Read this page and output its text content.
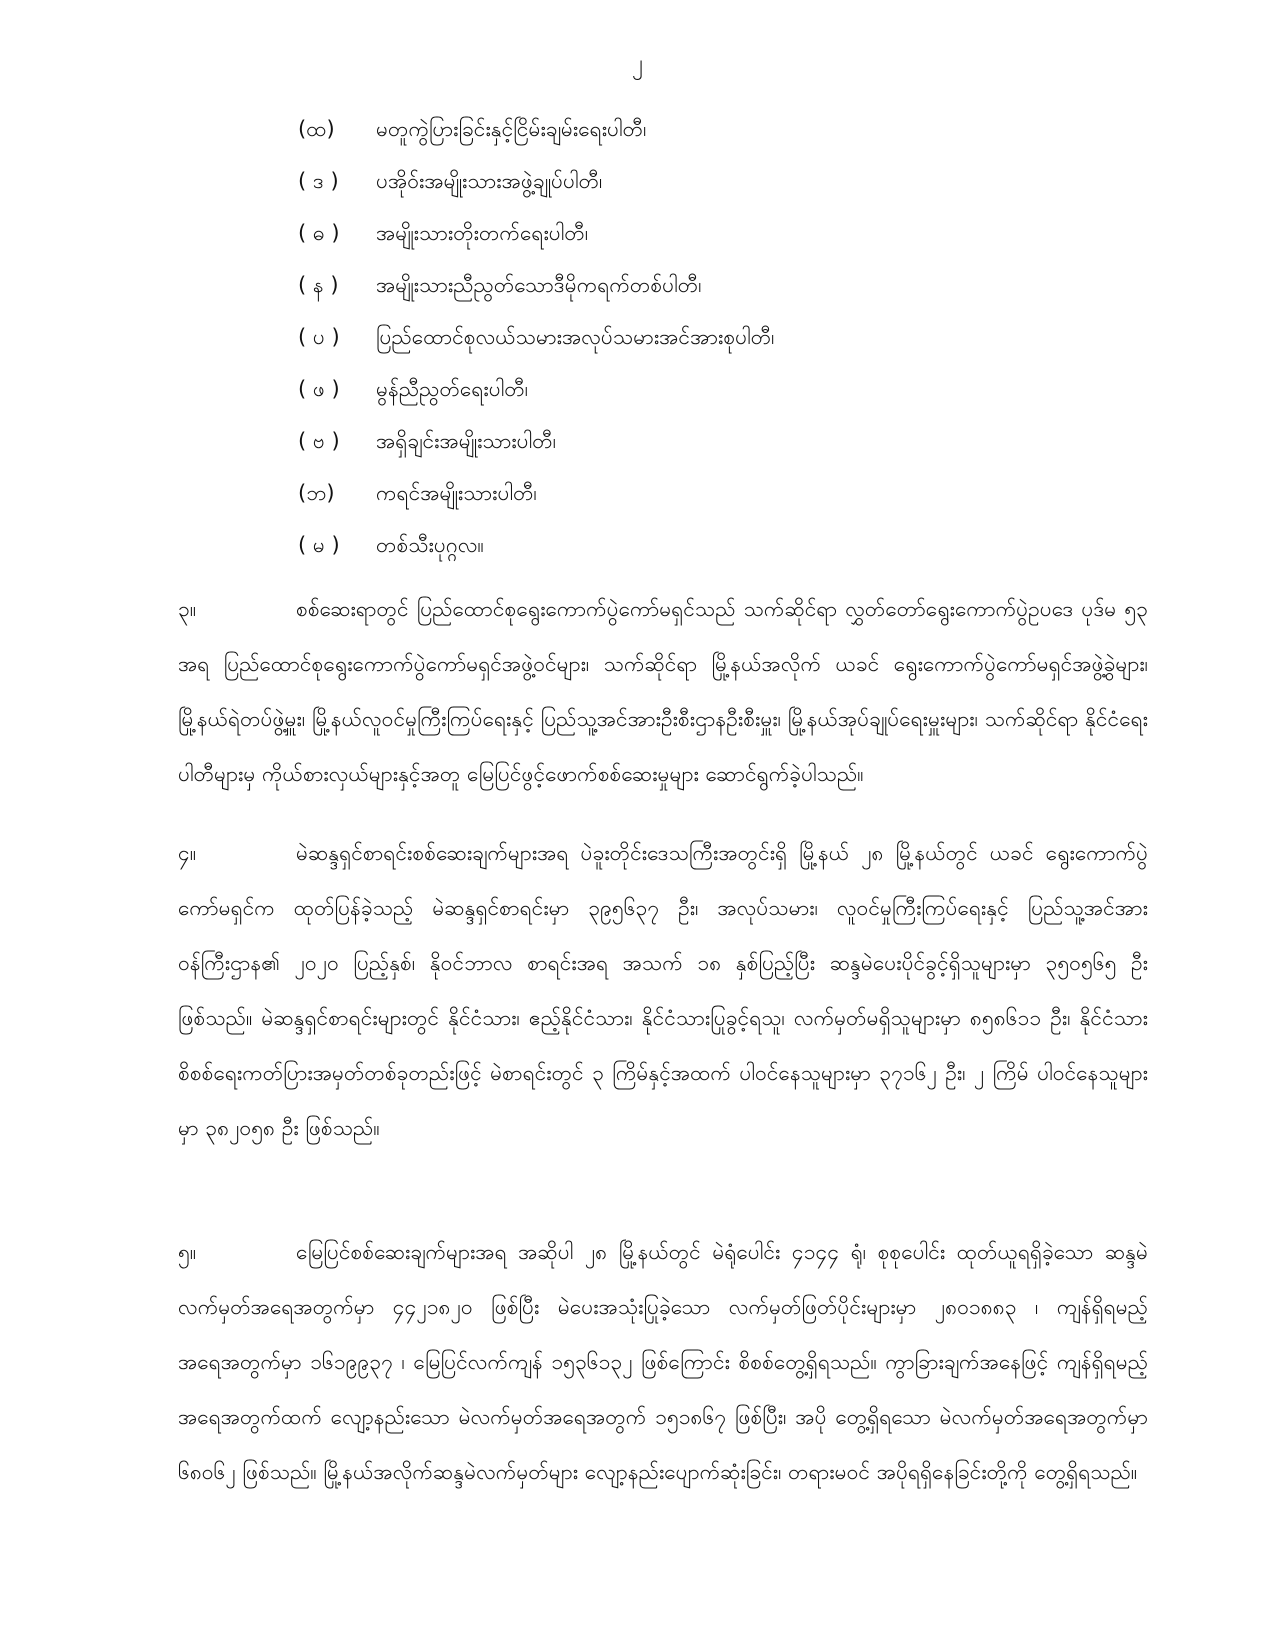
၂
(ထ)	မတူကွဲပြားခြင်းနှင့်ငြိမ်းချမ်းရေးပါတီ၊
( ဒ )	ပအိုဝ်းအမျိုးသားအဖွဲ့ချုပ်ပါတီ၊
( ဓ )	အမျိုးသားတိုးတက်ရေးပါတီ၊
( န )	အမျိုးသားညီညွတ်သောဒီမိုကရက်တစ်ပါတီ၊
( ပ )	ပြည်ထောင်စုလယ်သမားအလုပ်သမားအင်အားစုပါတီ၊
( ဖ )	မွန်ညီညွတ်ရေးပါတီ၊
( ဗ )	အရှိချင်းအမျိုးသားပါတီ၊
(ဘ)	ကရင်အမျိုးသားပါတီ၊
( မ )	တစ်သီးပုဂ္ဂလ။
၃။	စစ်ဆေးရာတွင် ပြည်ထောင်စုရွေးကောက်ပွဲကော်မရှင်သည် သက်ဆိုင်ရာ လွှတ်တော်ရွေးကောက်ပွဲဥပဒေ ပုဒ်မ ၅၃ အရ ပြည်ထောင်စုရွေးကောက်ပွဲကော်မရှင်အဖွဲ့ဝင်များ၊ သက်ဆိုင်ရာ မြို့နယ်အလိုက် ယခင် ရွေးကောက်ပွဲကော်မရှင်အဖွဲ့ခွဲများ၊ မြို့နယ်ရဲတပ်ဖွဲ့မှူး၊ မြို့နယ်လူဝင်မှုကြီးကြပ်ရေးနှင့် ပြည်သူ့အင်အားဦးစီးဌာနဦးစီးမှူး၊ မြို့နယ်အုပ်ချုပ်ရေးမှူးများ၊ သက်ဆိုင်ရာ နိုင်ငံရေးပါတီများမှ ကိုယ်စားလှယ်များနှင့်အတူ မြေပြင်ဖွင့်ဖောက်စစ်ဆေးမှုများ ဆောင်ရွက်ခဲ့ပါသည်။
၄။	မဲဆန္ဒရှင်စာရင်းစစ်ဆေးချက်များအရ ပဲခူးတိုင်းဒေသကြီးအတွင်းရှိ မြို့နယ် ၂၈ မြို့နယ်တွင် ယခင် ရွေးကောက်ပွဲကော်မရှင်က ထုတ်ပြန်ခဲ့သည့် မဲဆန္ဒရှင်စာရင်းမှာ ၃၉၅၆၃၇ ဦး၊ အလုပ်သမား၊ လူဝင်မှုကြီးကြပ်ရေးနှင့် ပြည်သူ့အင်အားဝန်ကြီးဌာန၏ ၂၀၂၀ ပြည့်နှစ်၊ နိုဝင်ဘာလ စာရင်းအရ အသက် ၁၈ နှစ်ပြည့်ပြီး ဆန္ဒမဲပေးပိုင်ခွင့်ရှိသူများမှာ ၃၅၀၅၆၅ ဦး ဖြစ်သည်။ မဲဆန္ဒရှင်စာရင်းများတွင် နိုင်ငံသား၊ ဧည့်နိုင်ငံသား၊ နိုင်ငံသားပြုခွင့်ရသူ၊ လက်မှတ်မရှိသူများမှာ ၈၅၈၆၁၁ ဦး၊ နိုင်ငံသားစိစစ်ရေးကတ်ပြားအမှတ်တစ်ခုတည်းဖြင့် မဲစာရင်းတွင် ၃ ကြိမ်နှင့်အထက် ပါဝင်နေသူများမှာ ၃၇၁၆၂ ဦး၊ ၂ ကြိမ် ပါဝင်နေသူများမှာ ၃၈၂၀၅၈ ဦး ဖြစ်သည်။
၅။	မြေပြင်စစ်ဆေးချက်များအရ အဆိုပါ ၂၈ မြို့နယ်တွင် မဲရုံပေါင်း ၄၁၄၄ ရုံ၊ စုစုပေါင်း ထုတ်ယူရရှိခဲ့သော ဆန္ဒမဲလက်မှတ်အရေအတွက်မှာ ၄၄၂၁၈၂၀ ဖြစ်ပြီး မဲပေးအသုံးပြုခဲ့သော လက်မှတ်ဖြတ်ပိုင်းများမှာ ၂၈၀၁၈၈၃ ၊ ကျန်ရှိရမည့်အရေအတွက်မှာ ၁၆၁၉၉၃၇ ၊ မြေပြင်လက်ကျန် ၁၅၃၆၁၃၂ ဖြစ်ကြောင်း စိစစ်တွေ့ရှိရသည်။ ကွာခြားချက်အနေဖြင့် ကျန်ရှိရမည့် အရေအတွက်ထက် လျော့နည်းသော မဲလက်မှတ်အရေအတွက် ၁၅၁၈၆၇ ဖြစ်ပြီး၊ အပို တွေ့ရှိရသော မဲလက်မှတ်အရေအတွက်မှာ ၆၈၀၆၂ ဖြစ်သည်။ မြို့နယ်အလိုက်ဆန္ဒမဲလက်မှတ်များ လျော့နည်းပျောက်ဆုံးခြင်း၊ တရားမဝင် အပိုရရှိနေခြင်းတို့ကို တွေ့ရှိရသည်။
